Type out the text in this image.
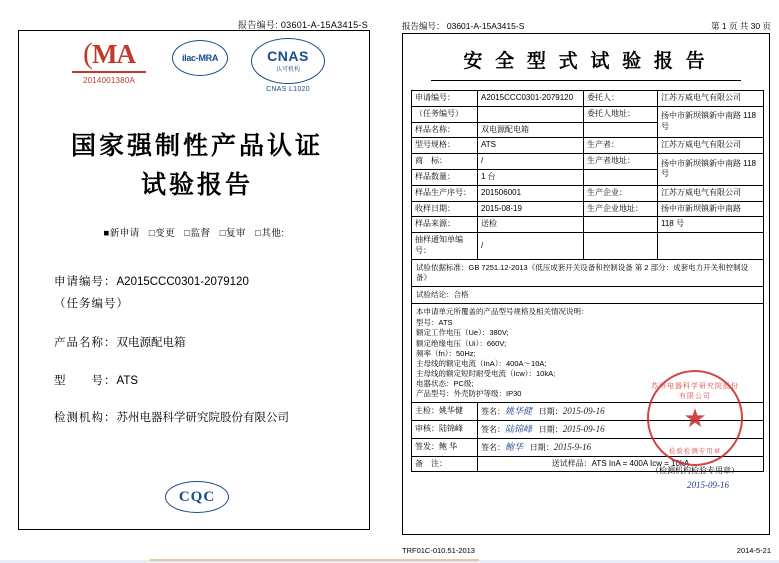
报告编号: 03601-A-15A3415-S
(MA
2014001380A
ilac-MRA	CNAS
认可机构
CNAS L1020
国家强制性产品认证
试验报告
■新申请 □变更 □监督 □复审 □其他:
申请编号：A2015CCC0301-2079120
（任务编号）
产品名称：双电源配电箱
型　　号：ATS
检测机构：苏州电器科学研究院股份有限公司
CQC
报告编号： 03601-A-15A3415-S	第 1 页 共 30 页
安 全 型 式 试 验 报 告
申请编号：	A2015CCC0301-2079120	委托人：	江苏万威电气有限公司
（任务编号）		委托人地址：	扬中市新坝镇新中南路 118 号
样品名称：	双电源配电箱		
型号规格：	ATS	生产者：	江苏万威电气有限公司
商　标：	/	生产者地址：	扬中市新坝镇新中南路 118 号
样品数量：	1 台		
样品生产序号：	201506001	生产企业：	江苏万威电气有限公司
收样日期：	2015-08-19	生产企业地址：	扬中市新坝镇新中南路
样品来源：	送检		118 号
抽样通知单编号：	/		
试验依据标准：GB 7251.12-2013《低压成套开关设备和控制设备 第 2 部分：成套电力开关和控制设备》			
试验结论：合格			

本申请单元所覆盖的产品型号规格及相关情况说明：
型号：ATS
额定工作电压（Ue）：380V;
额定绝缘电压（Ui）：660V;
频率（fn）：50Hz;
主母线的额定电流（InA）：400A～10A;
主母线的额定短时耐受电流（Icw）：10kA;
电器状态：PC级;
产品型号：外壳防护等级：IP30

主检：姚华健	签名：姚华健 日期：2015-09-16		
审核：陆锦峰	签名：陆锦峰 日期：2015-09-16		
签发：鲍 华	签名：鲍华 日期：2015-9-16		
备　注：	送试样品：ATS InA = 400A Icw = 10kA		
苏州电器科学研究院股份有限公司
★
检验检测专用章
（检测机构检验专用章）
2015-09-16
TRF01C-010.51-2013	2014-5-21
